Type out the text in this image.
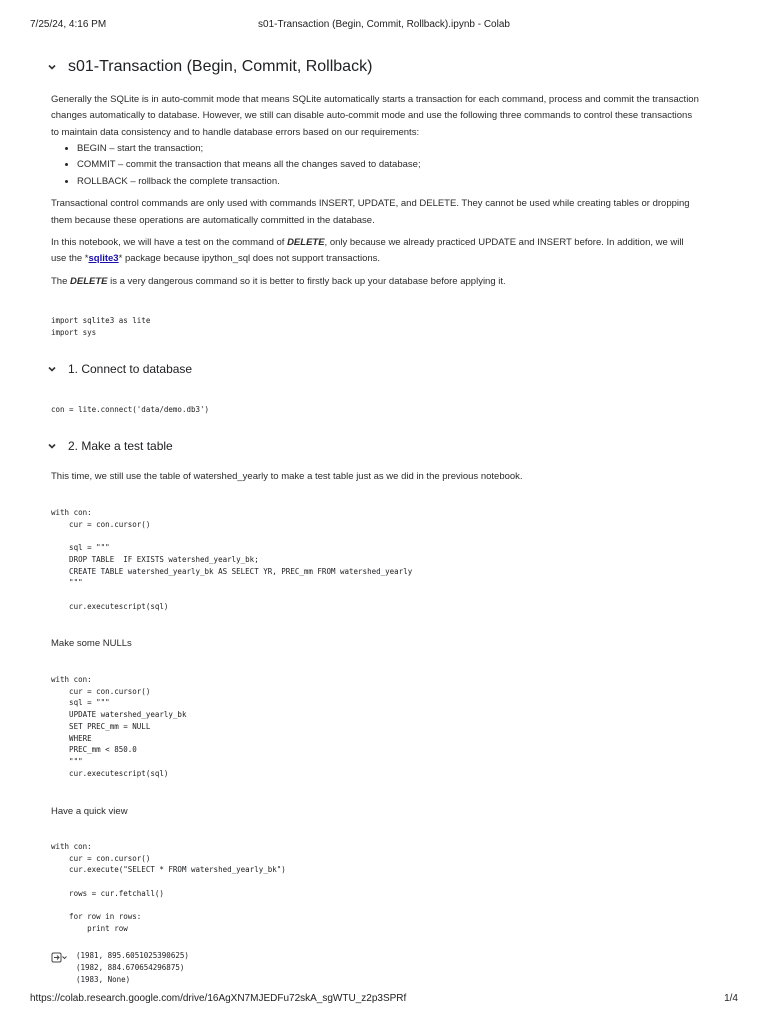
7/25/24, 4:16 PM	s01-Transaction (Begin, Commit, Rollback).ipynb - Colab
s01-Transaction (Begin, Commit, Rollback)

Generally the SQLite is in auto-commit mode that means SQLite automatically starts a transaction for each command, process and commit the transaction changes automatically to database. However, we still can disable auto-commit mode and use the following three commands to control these transactions to maintain data consistency and to handle database errors based on our requirements:

• BEGIN – start the transaction;
• COMMIT – commit the transaction that means all the changes saved to database;
• ROLLBACK – rollback the complete transaction.

Transactional control commands are only used with commands INSERT, UPDATE, and DELETE. They cannot be used while creating tables or dropping them because these operations are automatically committed in the database.

In this notebook, we will have a test on the command of DELETE, only because we already practiced UPDATE and INSERT before. In addition, we will use the *sqlite3* package because ipython_sql does not support transactions.

The DELETE is a very dangerous command so it is better to firstly back up your database before applying it.

import sqlite3 as lite
import sys
1. Connect to database
con = lite.connect('data/demo.db3')
2. Make a test table

This time, we still use the table of watershed_yearly to make a test table just as we did in the previous notebook.

with con:
cur = con.cursor()

sql = """
DROP TABLE  IF EXISTS watershed_yearly_bk;
CREATE TABLE watershed_yearly_bk AS SELECT YR, PREC_mm FROM watershed_yearly
"""

cur.executescript(sql)

Make some NULLs

with con:
cur = con.cursor()
sql = """
UPDATE watershed_yearly_bk
SET PREC_mm = NULL
WHERE
PREC_mm < 850.0
"""
cur.executescript(sql)

Have a quick view

with con:
cur = con.cursor()
cur.execute("SELECT * FROM watershed_yearly_bk")

rows = cur.fetchall()

for row in rows:
print row
(1981, 895.6051025390625)
(1982, 884.670654296875)
(1983, None)
https://colab.research.google.com/drive/16AgXN7MJEDFu72skA_sgWTU_z2p3SPRf	1/4
